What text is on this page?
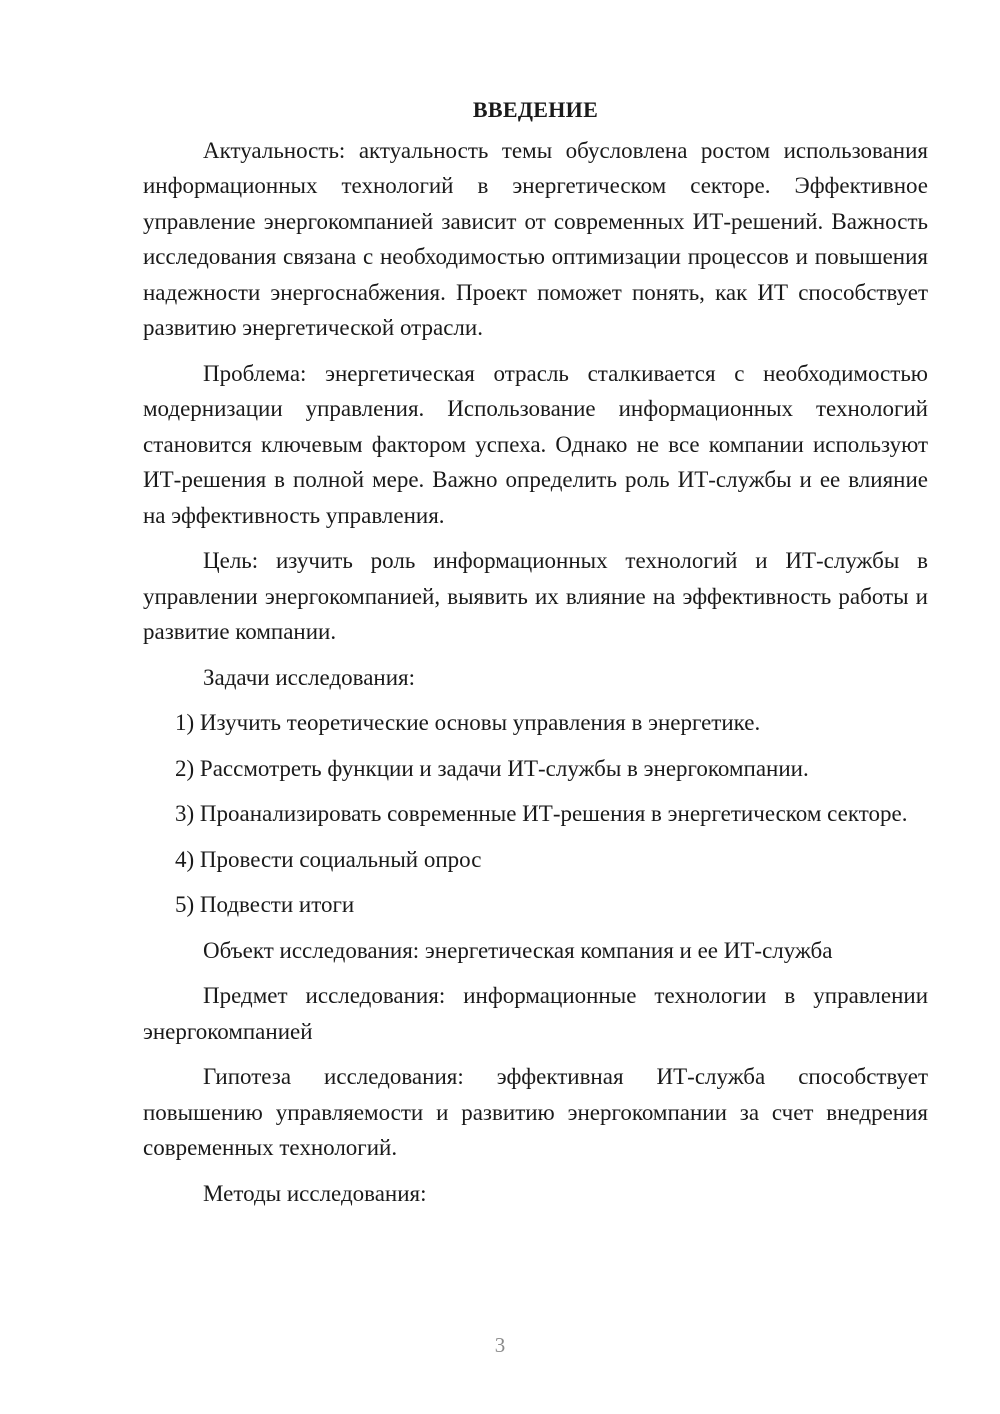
ВВЕДЕНИЕ

Актуальность: актуальность темы обусловлена ростом использования информационных технологий в энергетическом секторе. Эффективное управление энергокомпанией зависит от современных ИТ-решений. Важность исследования связана с необходимостью оптимизации процессов и повышения надежности энергоснабжения. Проект поможет понять, как ИТ способствует развитию энергетической отрасли.

Проблема: энергетическая отрасль сталкивается с необходимостью модернизации управления. Использование информационных технологий становится ключевым фактором успеха. Однако не все компании используют ИТ-решения в полной мере. Важно определить роль ИТ-службы и ее влияние на эффективность управления.

Цель: изучить роль информационных технологий и ИТ-службы в управлении энергокомпанией, выявить их влияние на эффективность работы и развитие компании.

Задачи исследования:

1) Изучить теоретические основы управления в энергетике.

2) Рассмотреть функции и задачи ИТ-службы в энергокомпании.

3) Проанализировать современные ИТ-решения в энергетическом секторе.

4) Провести социальный опрос

5) Подвести итоги

Объект исследования: энергетическая компания и ее ИТ-служба

Предмет исследования: информационные технологии в управлении энергокомпанией

Гипотеза исследования: эффективная ИТ-служба способствует повышению управляемости и развитию энергокомпании за счет внедрения современных технологий.

Методы исследования:

3
